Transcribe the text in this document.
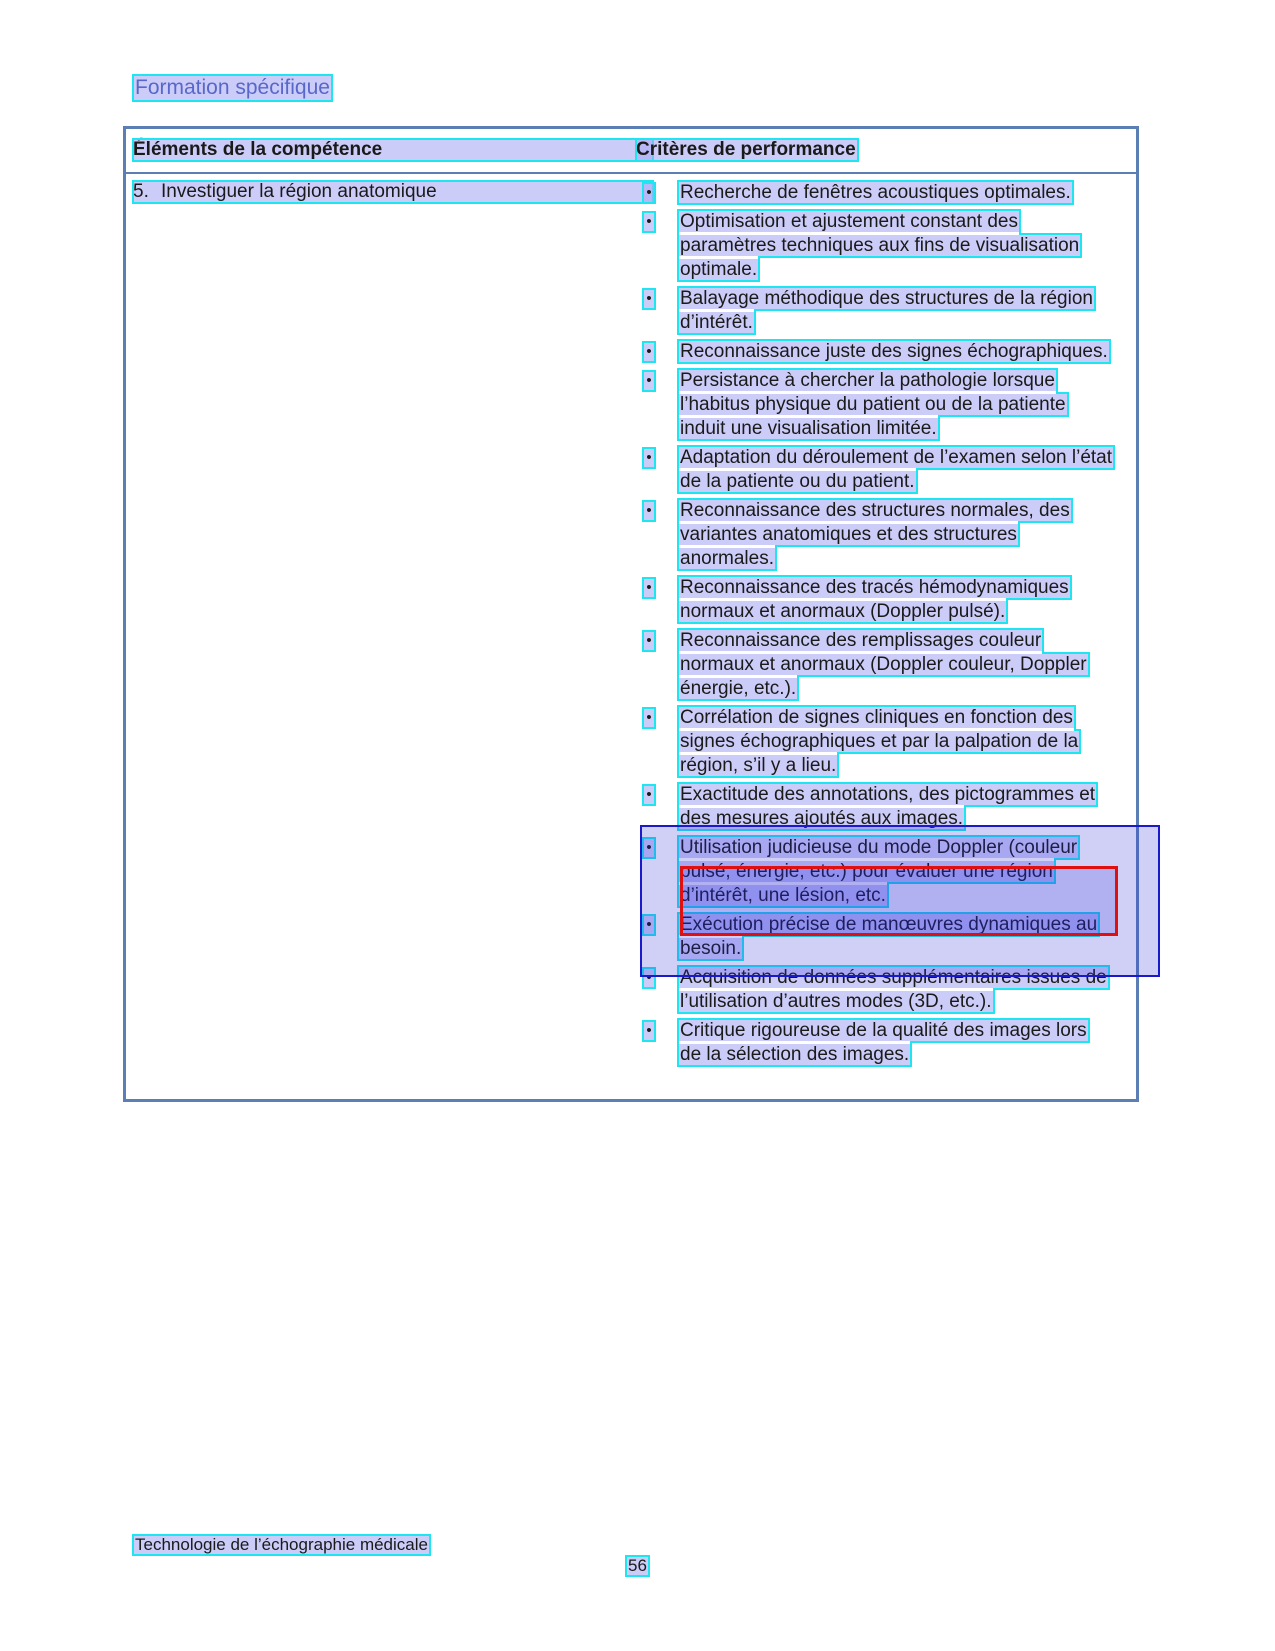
Formation spécifique
Éléments de la compétence	Critères de performance
5. Investiguer la région anatomique	• Recherche de fenêtres acoustiques optimales.
• Optimisation et ajustement constant des paramètres techniques aux fins de visualisation optimale.
• Balayage méthodique des structures de la région d’intérêt.
• Reconnaissance juste des signes échographiques.
• Persistance à chercher la pathologie lorsque l’habitus physique du patient ou de la patiente induit une visualisation limitée.
• Adaptation du déroulement de l’examen selon l’état de la patiente ou du patient.
• Reconnaissance des structures normales, des variantes anatomiques et des structures anormales.
• Reconnaissance des tracés hémodynamiques normaux et anormaux (Doppler pulsé).
• Reconnaissance des remplissages couleur normaux et anormaux (Doppler couleur, Doppler énergie, etc.).
• Corrélation de signes cliniques en fonction des signes échographiques et par la palpation de la région, s’il y a lieu.
• Exactitude des annotations, des pictogrammes et des mesures ajoutés aux images.
• Utilisation judicieuse du mode Doppler (couleur pulsé, énergie, etc.) pour évaluer une région d’intérêt, une lésion, etc.
• Exécution précise de manœuvres dynamiques au besoin.
• Acquisition de données supplémentaires issues de l’utilisation d’autres modes (3D, etc.).
• Critique rigoureuse de la qualité des images lors de la sélection des images.
Technologie de l’échographie médicale
56
